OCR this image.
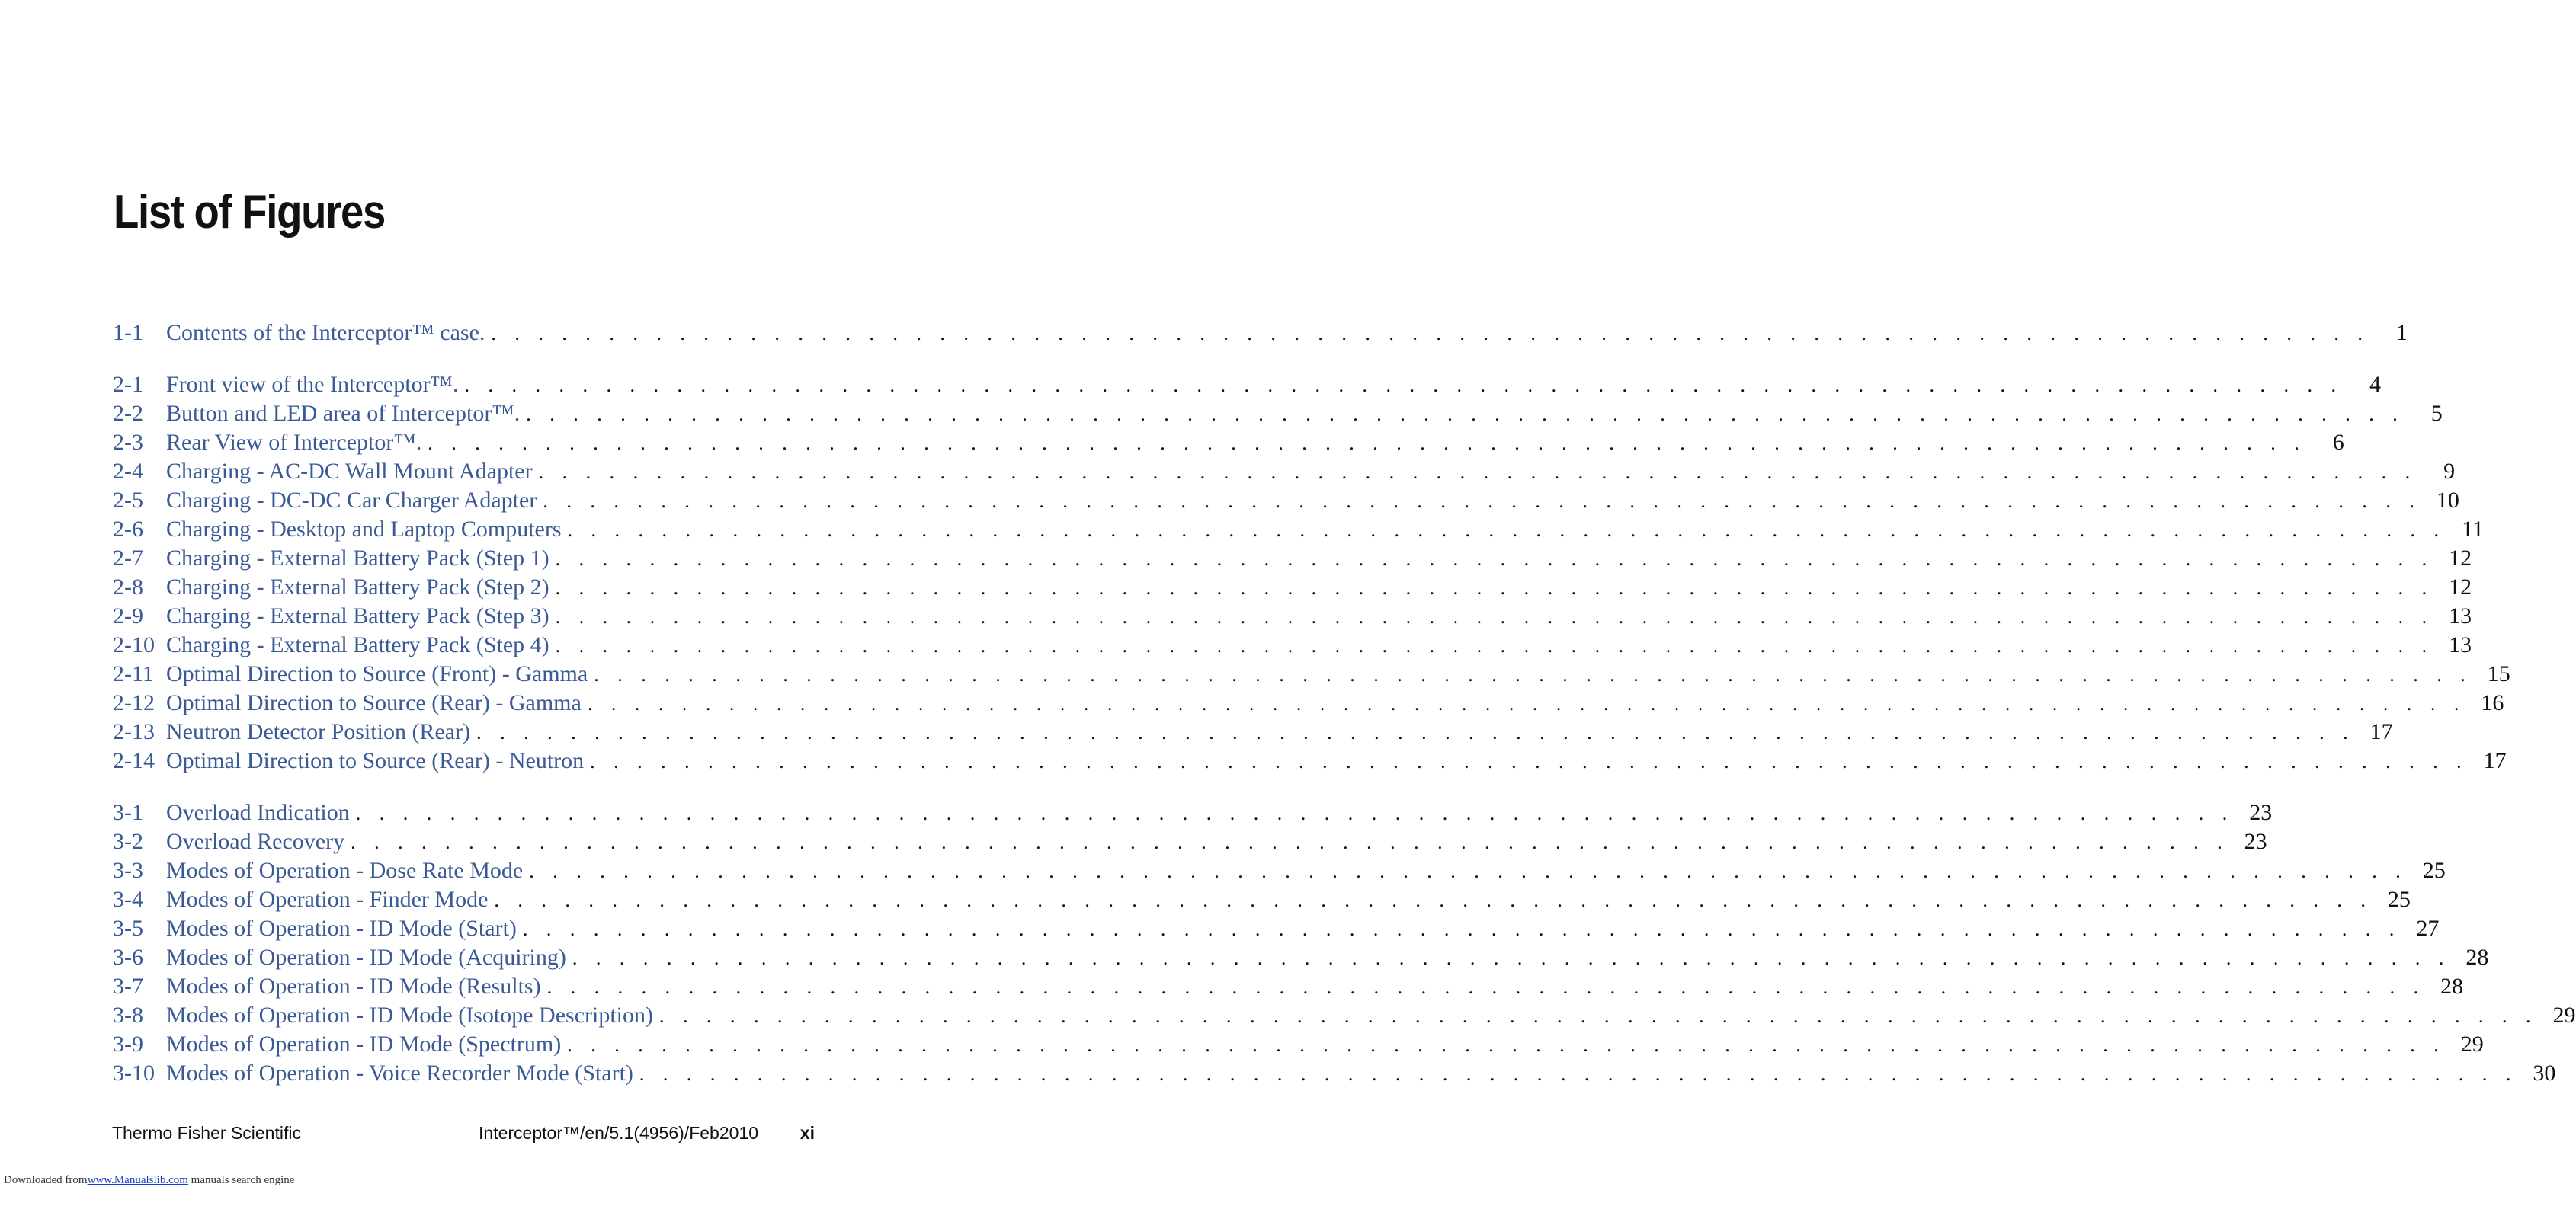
List of Figures
1-1	Contents of the Interceptor™ case. . . . . . . . . . . . . . . . . . . . . . . . . . . . . . . . . . . . . . . . . . . . . . . . . . . . . . . . . . . . . . . . . . . . . . . . . . . . . . . . .	1
2-1	Front view of the Interceptor™. . . . . . . . . . . . . . . . . . . . . . . . . . . . . . . . . . . . . . . . . . . . . . . . . . . . . . . . . . . . . . . . . . . . . . . . . . . . . . . . .	4
2-2	Button and LED area of Interceptor™. . . . . . . . . . . . . . . . . . . . . . . . . . . . . . . . . . . . . . . . . . . . . . . . . . . . . . . . . . . . . . . . . . . . . . . . . . . . . . . . .	5
2-3	Rear View of Interceptor™. . . . . . . . . . . . . . . . . . . . . . . . . . . . . . . . . . . . . . . . . . . . . . . . . . . . . . . . . . . . . . . . . . . . . . . . . . . . . . . . .	6
2-4	Charging - AC-DC Wall Mount Adapter . . . . . . . . . . . . . . . . . . . . . . . . . . . . . . . . . . . . . . . . . . . . . . . . . . . . . . . . . . . . . . . . . . . . . . . . . . . . . . . .	9
2-5	Charging - DC-DC Car Charger Adapter . . . . . . . . . . . . . . . . . . . . . . . . . . . . . . . . . . . . . . . . . . . . . . . . . . . . . . . . . . . . . . . . . . . . . . . . . . . . . . . . 10
2-6	Charging - Desktop and Laptop Computers . . . . . . . . . . . . . . . . . . . . . . . . . . . . . . . . . . . . . . . . . . . . . . . . . . . . . . . . . . . . . . . . . . . . . . . . . . . . . . . . 11
2-7	Charging - External Battery Pack (Step 1) . . . . . . . . . . . . . . . . . . . . . . . . . . . . . . . . . . . . . . . . . . . . . . . . . . . . . . . . . . . . . . . . . . . . . . . . . . . . . . . . 12
2-8	Charging - External Battery Pack (Step 2) . . . . . . . . . . . . . . . . . . . . . . . . . . . . . . . . . . . . . . . . . . . . . . . . . . . . . . . . . . . . . . . . . . . . . . . . . . . . . . . . 12
2-9	Charging - External Battery Pack (Step 3) . . . . . . . . . . . . . . . . . . . . . . . . . . . . . . . . . . . . . . . . . . . . . . . . . . . . . . . . . . . . . . . . . . . . . . . . . . . . . . . . 13
2-10 Charging - External Battery Pack (Step 4) . . . . . . . . . . . . . . . . . . . . . . . . . . . . . . . . . . . . . . . . . . . . . . . . . . . . . . . . . . . . . . . . . . . . . . . . . . . . . . . . 13
2-11 Optimal Direction to Source (Front) - Gamma . . . . . . . . . . . . . . . . . . . . . . . . . . . . . . . . . . . . . . . . . . . . . . . . . . . . . . . . . . . . . . . . . . . . . . . . . . . . . . . . 15
2-12 Optimal Direction to Source (Rear) - Gamma . . . . . . . . . . . . . . . . . . . . . . . . . . . . . . . . . . . . . . . . . . . . . . . . . . . . . . . . . . . . . . . . . . . . . . . . . . . . . . . . 16
2-13 Neutron Detector Position (Rear) . . . . . . . . . . . . . . . . . . . . . . . . . . . . . . . . . . . . . . . . . . . . . . . . . . . . . . . . . . . . . . . . . . . . . . . . . . . . . . . . 17
2-14 Optimal Direction to Source (Rear) - Neutron . . . . . . . . . . . . . . . . . . . . . . . . . . . . . . . . . . . . . . . . . . . . . . . . . . . . . . . . . . . . . . . . . . . . . . . . . . . . . . . . 17
3-1	Overload Indication . . . . . . . . . . . . . . . . . . . . . . . . . . . . . . . . . . . . . . . . . . . . . . . . . . . . . . . . . . . . . . . . . . . . . . . . . . . . . . . . 23
3-2	Overload Recovery . . . . . . . . . . . . . . . . . . . . . . . . . . . . . . . . . . . . . . . . . . . . . . . . . . . . . . . . . . . . . . . . . . . . . . . . . . . . . . . . 23
3-3	Modes of Operation - Dose Rate Mode . . . . . . . . . . . . . . . . . . . . . . . . . . . . . . . . . . . . . . . . . . . . . . . . . . . . . . . . . . . . . . . . . . . . . . . . . . . . . . . . 25
3-4	Modes of Operation - Finder Mode . . . . . . . . . . . . . . . . . . . . . . . . . . . . . . . . . . . . . . . . . . . . . . . . . . . . . . . . . . . . . . . . . . . . . . . . . . . . . . . . 25
3-5	Modes of Operation - ID Mode (Start) . . . . . . . . . . . . . . . . . . . . . . . . . . . . . . . . . . . . . . . . . . . . . . . . . . . . . . . . . . . . . . . . . . . . . . . . . . . . . . . . 27
3-6	Modes of Operation - ID Mode (Acquiring) . . . . . . . . . . . . . . . . . . . . . . . . . . . . . . . . . . . . . . . . . . . . . . . . . . . . . . . . . . . . . . . . . . . . . . . . . . . . . . . . 28
3-7	Modes of Operation - ID Mode (Results) . . . . . . . . . . . . . . . . . . . . . . . . . . . . . . . . . . . . . . . . . . . . . . . . . . . . . . . . . . . . . . . . . . . . . . . . . . . . . . . . 28
3-8	Modes of Operation - ID Mode (Isotope Description) . . . . . . . . . . . . . . . . . . . . . . . . . . . . . . . . . . . . . . . . . . . . . . . . . . . . . . . . . . . . . . . . . . . . . . . . . . . . . . . . 29
3-9	Modes of Operation - ID Mode (Spectrum) . . . . . . . . . . . . . . . . . . . . . . . . . . . . . . . . . . . . . . . . . . . . . . . . . . . . . . . . . . . . . . . . . . . . . . . . . . . . . . . . 29
3-10 Modes of Operation - Voice Recorder Mode (Start) . . . . . . . . . . . . . . . . . . . . . . . . . . . . . . . . . . . . . . . . . . . . . . . . . . . . . . . . . . . . . . . . . . . . . . . . . . . . . . . . 30
Thermo Fisher Scientific	Interceptor™/en/5.1(4956)/Feb2010 xi
Downloaded fromwww.Manualslib.com manuals search engine
